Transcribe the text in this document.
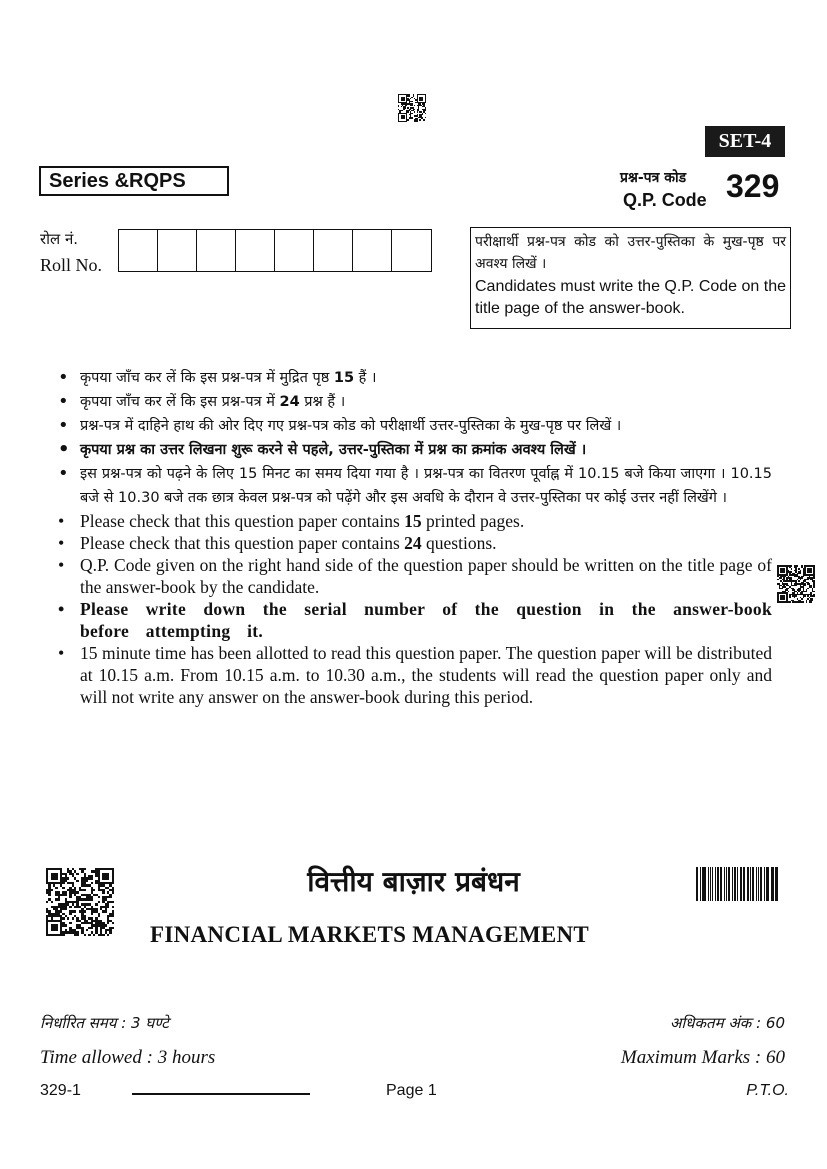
SET-4
Series &RQPS	प्रश्न-पत्र कोड
Q.P. Code 329
रोल नं.
Roll No.
परीक्षार्थी प्रश्न-पत्र कोड को उत्तर-पुस्तिका के मुख-पृष्ठ पर अवश्य लिखें ।
Candidates must write the Q.P. Code on the title page of the answer-book.
• कृपया जाँच कर लें कि इस प्रश्न-पत्र में मुद्रित पृष्ठ 15 हैं ।
• कृपया जाँच कर लें कि इस प्रश्न-पत्र में 24 प्रश्न हैं ।
• प्रश्न-पत्र में दाहिने हाथ की ओर दिए गए प्रश्न-पत्र कोड को परीक्षार्थी उत्तर-पुस्तिका के मुख-पृष्ठ पर लिखें ।
• कृपया प्रश्न का उत्तर लिखना शुरू करने से पहले, उत्तर-पुस्तिका में प्रश्न का क्रमांक अवश्य लिखें ।
• इस प्रश्न-पत्र को पढ़ने के लिए 15 मिनट का समय दिया गया है । प्रश्न-पत्र का वितरण पूर्वाह्न में 10.15 बजे किया जाएगा । 10.15 बजे से 10.30 बजे तक छात्र केवल प्रश्न-पत्र को पढ़ेंगे और इस अवधि के दौरान वे उत्तर-पुस्तिका पर कोई उत्तर नहीं लिखेंगे ।
• Please check that this question paper contains 15 printed pages.
• Please check that this question paper contains 24 questions.
• Q.P. Code given on the right hand side of the question paper should be written on the title page of the answer-book by the candidate.
• Please write down the serial number of the question in the answer-book before attempting it.
• 15 minute time has been allotted to read this question paper. The question paper will be distributed at 10.15 a.m. From 10.15 a.m. to 10.30 a.m., the students will read the question paper only and will not write any answer on the answer-book during this period.
वित्तीय बाज़ार प्रबंधन
FINANCIAL MARKETS MANAGEMENT
निर्धारित समय : 3 घण्टे	अधिकतम अंक : 60
Time allowed : 3 hours	Maximum Marks : 60
329-1	Page 1	P.T.O.
